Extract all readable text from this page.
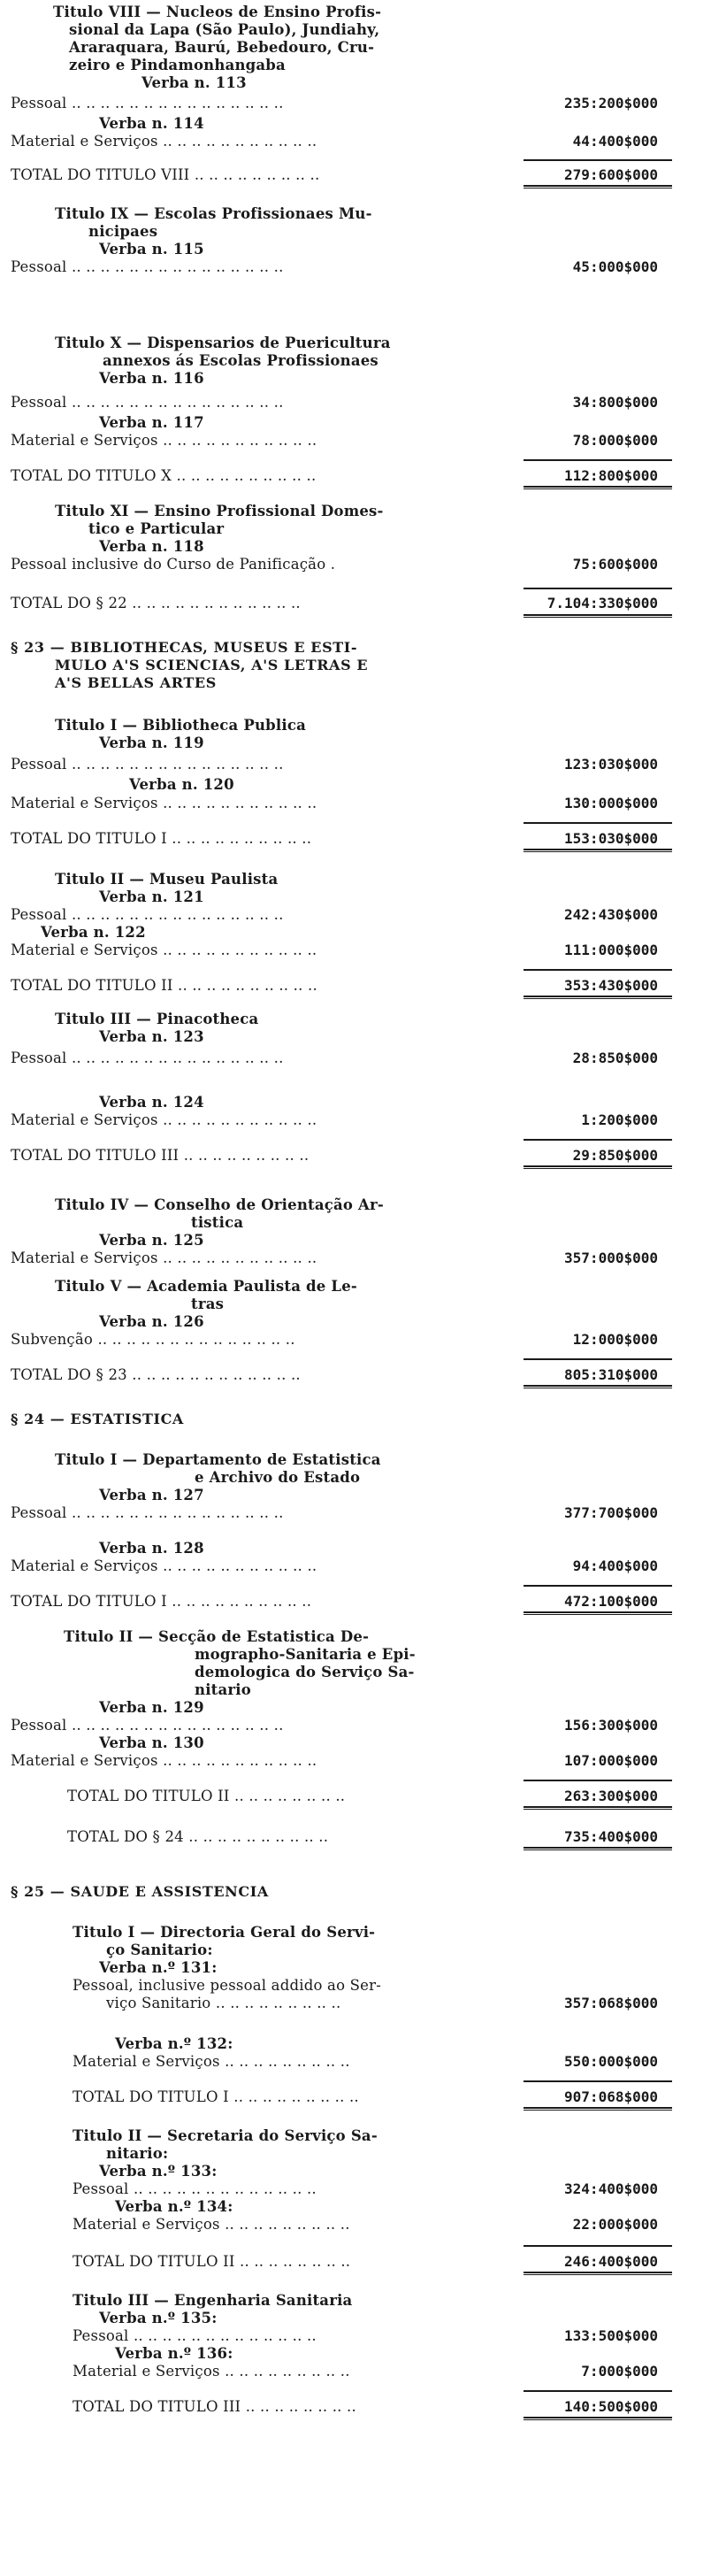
Titulo VIII — Nucleos de Ensino Profis-
sional da Lapa (São Paulo), Jundiahy,
Araraquara, Baurú, Bebedouro, Cru-
zeiro e Pindamonhangaba
Verba n. 113
Pessoal .. .. .. .. .. .. .. .. .. .. .. .. .. .. ..
Verba n. 114
Material e Serviços .. .. .. .. .. .. .. .. .. .. ..
TOTAL DO TITULO VIII .. .. .. .. .. .. .. .. ..
Titulo IX — Escolas Profissionaes Mu-
nicipaes
Verba n. 115
Pessoal .. .. .. .. .. .. .. .. .. .. .. .. .. .. ..
Titulo X — Dispensarios de Puericultura
annexos ás Escolas Profissionaes
Verba n. 116
Pessoal .. .. .. .. .. .. .. .. .. .. .. .. .. .. ..
Verba n. 117
Material e Serviços .. .. .. .. .. .. .. .. .. .. ..
TOTAL DO TITULO X .. .. .. .. .. .. .. .. .. ..
Titulo XI — Ensino Profissional Domes-
tico e Particular
Verba n. 118
Pessoal inclusive do Curso de Panificação .
TOTAL DO § 22 .. .. .. .. .. .. .. .. .. .. .. ..
§ 23 — BIBLIOTHECAS, MUSEUS E ESTI-
MULO A'S SCIENCIAS, A'S LETRAS E
A'S BELLAS ARTES
Titulo I — Bibliotheca Publica
Verba n. 119
Pessoal .. .. .. .. .. .. .. .. .. .. .. .. .. .. ..
Verba n. 120
Material e Serviços .. .. .. .. .. .. .. .. .. .. ..
TOTAL DO TITULO I .. .. .. .. .. .. .. .. .. ..
Titulo II — Museu Paulista
Verba n. 121
Pessoal .. .. .. .. .. .. .. .. .. .. .. .. .. .. ..
Verba n. 122
Material e Serviços .. .. .. .. .. .. .. .. .. .. ..
TOTAL DO TITULO II .. .. .. .. .. .. .. .. .. ..
Titulo III — Pinacotheca
Verba n. 123
Pessoal .. .. .. .. .. .. .. .. .. .. .. .. .. .. ..
Verba n. 124
Material e Serviços .. .. .. .. .. .. .. .. .. .. ..
TOTAL DO TITULO III .. .. .. .. .. .. .. .. ..
Titulo IV — Conselho de Orientação Ar-
tistica
Verba n. 125
Material e Serviços .. .. .. .. .. .. .. .. .. .. ..
Titulo V — Academia Paulista de Le-
tras
Verba n. 126
Subvenção .. .. .. .. .. .. .. .. .. .. .. .. .. ..
TOTAL DO § 23 .. .. .. .. .. .. .. .. .. .. .. ..
§ 24 — ESTATISTICA
Titulo I — Departamento de Estatistica
e Archivo do Estado
Verba n. 127
Pessoal .. .. .. .. .. .. .. .. .. .. .. .. .. .. ..
Verba n. 128
Material e Serviços .. .. .. .. .. .. .. .. .. .. ..
TOTAL DO TITULO I .. .. .. .. .. .. .. .. .. ..
Titulo II — Secção de Estatistica De-
mographo-Sanitaria e Epi-
demologica do Serviço Sa-
nitario
Verba n. 129
Pessoal .. .. .. .. .. .. .. .. .. .. .. .. .. .. ..
Verba n. 130
Material e Serviços .. .. .. .. .. .. .. .. .. .. ..
TOTAL DO TITULO II .. .. .. .. .. .. .. ..
TOTAL DO § 24 .. .. .. .. .. .. .. .. .. ..
§ 25 — SAUDE E ASSISTENCIA
Titulo I — Directoria Geral do Servi-
ço Sanitario:
Verba n.º 131:
Pessoal, inclusive pessoal addido ao Ser-
viço Sanitario .. .. .. .. .. .. .. .. ..
Verba n.º 132:
Material e Serviços .. .. .. .. .. .. .. .. ..
TOTAL DO TITULO I .. .. .. .. .. .. .. .. ..
Titulo II — Secretaria do Serviço Sa-
nitario:
Verba n.º 133:
Pessoal .. .. .. .. .. .. .. .. .. .. .. .. ..
Verba n.º 134:
Material e Serviços .. .. .. .. .. .. .. .. ..
TOTAL DO TITULO II .. .. .. .. .. .. .. ..
Titulo III — Engenharia Sanitaria
Verba n.º 135:
Pessoal .. .. .. .. .. .. .. .. .. .. .. .. ..
Verba n.º 136:
Material e Serviços .. .. .. .. .. .. .. .. ..
TOTAL DO TITULO III .. .. .. .. .. .. .. ..
235:200$000
44:400$000
279:600$000
45:000$000
34:800$000
78:000$000
112:800$000
75:600$000
7.104:330$000
123:030$000
130:000$000
153:030$000
242:430$000
111:000$000
353:430$000
28:850$000
1:200$000
29:850$000
357:000$000
12:000$000
805:310$000
377:700$000
94:400$000
472:100$000
156:300$000
107:000$000
263:300$000
735:400$000
357:068$000
550:000$000
907:068$000
324:400$000
22:000$000
246:400$000
133:500$000
7:000$000
140:500$000
